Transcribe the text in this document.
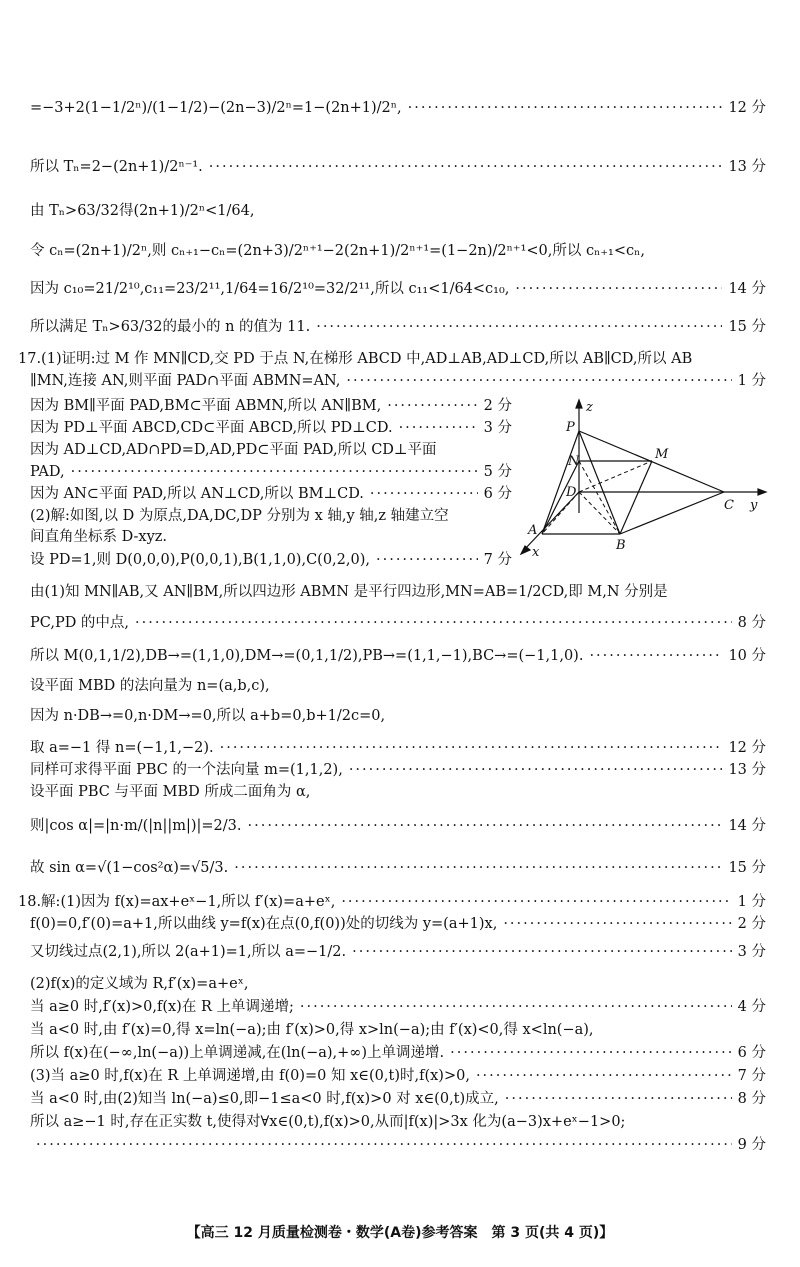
=−3+2(1−1/2ⁿ)/(1−1/2)−(2n−3)/2ⁿ=1−(2n+1)/2ⁿ, ·····	12 分
所以 Tₙ=2−(2n+1)/2ⁿ⁻¹. ·····	13 分
由 Tₙ>63/32得(2n+1)/2ⁿ<1/64,
令 cₙ=(2n+1)/2ⁿ,则 cₙ₊₁−cₙ=(2n+3)/2ⁿ⁺¹−2(2n+1)/2ⁿ⁺¹=(1−2n)/2ⁿ⁺¹<0,所以 cₙ₊₁<cₙ,
因为 c₁₀=21/2¹⁰,c₁₁=23/2¹¹,1/64=16/2¹⁰=32/2¹¹,所以 c₁₁<1/64<c₁₀, ·····	14 分
所以满足 Tₙ>63/32的最小的 n 的值为 11. ·····	15 分
17.(1)证明:过 M 作 MN∥CD,交 PD 于点 N,在梯形 ABCD 中,AD⊥AB,AD⊥CD,所以 AB∥CD,所以 AB
∥MN,连接 AN,则平面 PAD∩平面 ABMN=AN, ·····	1 分
因为 BM∥平面 PAD,BM⊂平面 ABMN,所以 AN∥BM, ·····	2 分
因为 PD⊥平面 ABCD,CD⊂平面 ABCD,所以 PD⊥CD. ·····	3 分
因为 AD⊥CD,AD∩PD=D,AD,PD⊂平面 PAD,所以 CD⊥平面
PAD, ·····	5 分
因为 AN⊂平面 PAD,所以 AN⊥CD,所以 BM⊥CD. ·····	6 分
(2)解:如图,以 D 为原点,DA,DC,DP 分别为 x 轴,y 轴,z 轴建立空
间直角坐标系 D-xyz.
设 PD=1,则 D(0,0,0),P(0,0,1),B(1,1,0),C(0,2,0), ·····	7 分
z
P
M
N
D
C y
A
B
x
由(1)知 MN∥AB,又 AN∥BM,所以四边形 ABMN 是平行四边形,MN=AB=1/2CD,即 M,N 分别是
PC,PD 的中点, ·····	8 分
所以 M(0,1,1/2),DB→=(1,1,0),DM→=(0,1,1/2),PB→=(1,1,−1),BC→=(−1,1,0). ·····	10 分
设平面 MBD 的法向量为 n=(a,b,c),
因为 n·DB→=0,n·DM→=0,所以 a+b=0,b+1/2c=0,
取 a=−1 得 n=(−1,1,−2). ·····	12 分
同样可求得平面 PBC 的一个法向量 m=(1,1,2), ·····	13 分
设平面 PBC 与平面 MBD 所成二面角为 α,
则|cos α|=|n·m/(|n||m|)|=2/3. ·····	14 分
故 sin α=√(1−cos²α)=√5/3. ·····	15 分
18.解:(1)因为 f(x)=ax+eˣ−1,所以 f′(x)=a+eˣ, ·····	1 分
f(0)=0,f′(0)=a+1,所以曲线 y=f(x)在点(0,f(0))处的切线为 y=(a+1)x, ·····	2 分
又切线过点(2,1),所以 2(a+1)=1,所以 a=−1/2. ·····	3 分
(2)f(x)的定义域为 R,f′(x)=a+eˣ,
当 a≥0 时,f′(x)>0,f(x)在 R 上单调递增; ·····	4 分
当 a<0 时,由 f′(x)=0,得 x=ln(−a);由 f′(x)>0,得 x>ln(−a);由 f′(x)<0,得 x<ln(−a),
所以 f(x)在(−∞,ln(−a))上单调递减,在(ln(−a),+∞)上单调递增. ·····	6 分
(3)当 a≥0 时,f(x)在 R 上单调递增,由 f(0)=0 知 x∈(0,t)时,f(x)>0, ·····	7 分
当 a<0 时,由(2)知当 ln(−a)≤0,即−1≤a<0 时,f(x)>0 对 x∈(0,t)成立, ·····	8 分
所以 a≥−1 时,存在正实数 t,使得对∀x∈(0,t),f(x)>0,从而|f(x)|>3x 化为(a−3)x+eˣ−1>0;
·····
9 分
【高三 12 月质量检测卷・数学(A卷)参考答案　第 3 页(共 4 页)】
